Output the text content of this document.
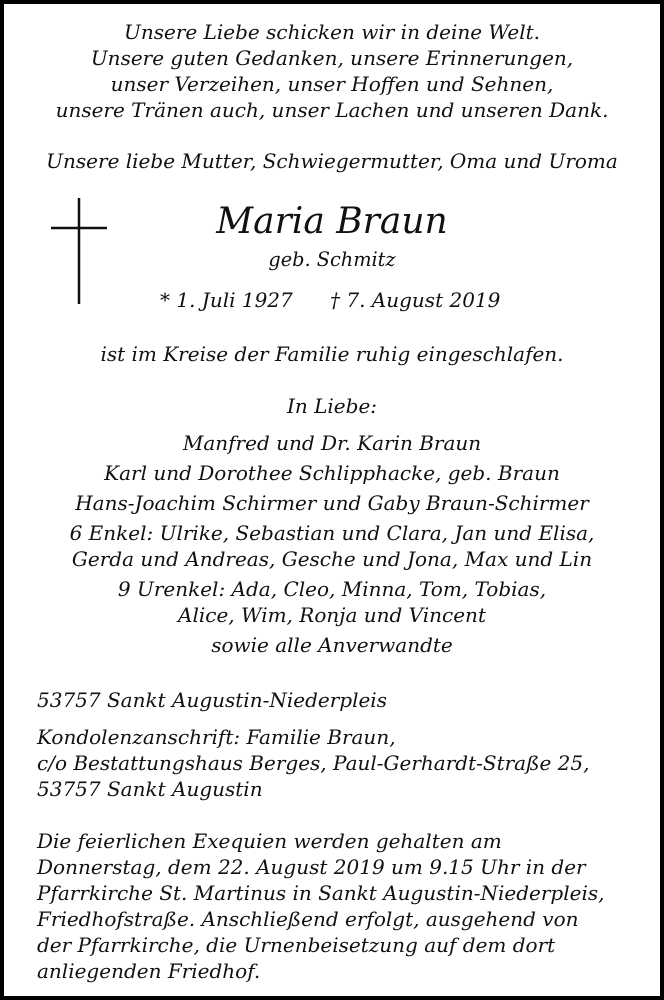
Unsere Liebe schicken wir in deine Welt.
Unsere guten Gedanken, unsere Erinnerungen,
unser Verzeihen, unser Hoffen und Sehnen,
unsere Tränen auch, unser Lachen und unseren Dank.
Unsere liebe Mutter, Schwiegermutter, Oma und Uroma
Maria Braun
geb. Schmitz
* 1. Juli 1927 † 7. August 2019
ist im Kreise der Familie ruhig eingeschlafen.
In Liebe:
Manfred und Dr. Karin Braun
Karl und Dorothee Schlipphacke, geb. Braun
Hans-Joachim Schirmer und Gaby Braun-Schirmer
6 Enkel: Ulrike, Sebastian und Clara, Jan und Elisa,
Gerda und Andreas, Gesche und Jona, Max und Lin
9 Urenkel: Ada, Cleo, Minna, Tom, Tobias,
Alice, Wim, Ronja und Vincent
sowie alle Anverwandte
53757 Sankt Augustin-Niederpleis
Kondolenzanschrift: Familie Braun,
c/o Bestattungshaus Berges, Paul-Gerhardt-Straße 25,
53757 Sankt Augustin
Die feierlichen Exequien werden gehalten am
Donnerstag, dem 22. August 2019 um 9.15 Uhr in der
Pfarrkirche St. Martinus in Sankt Augustin-Niederpleis,
Friedhofstraße. Anschließend erfolgt, ausgehend von
der Pfarrkirche, die Urnenbeisetzung auf dem dort
anliegenden Friedhof.
